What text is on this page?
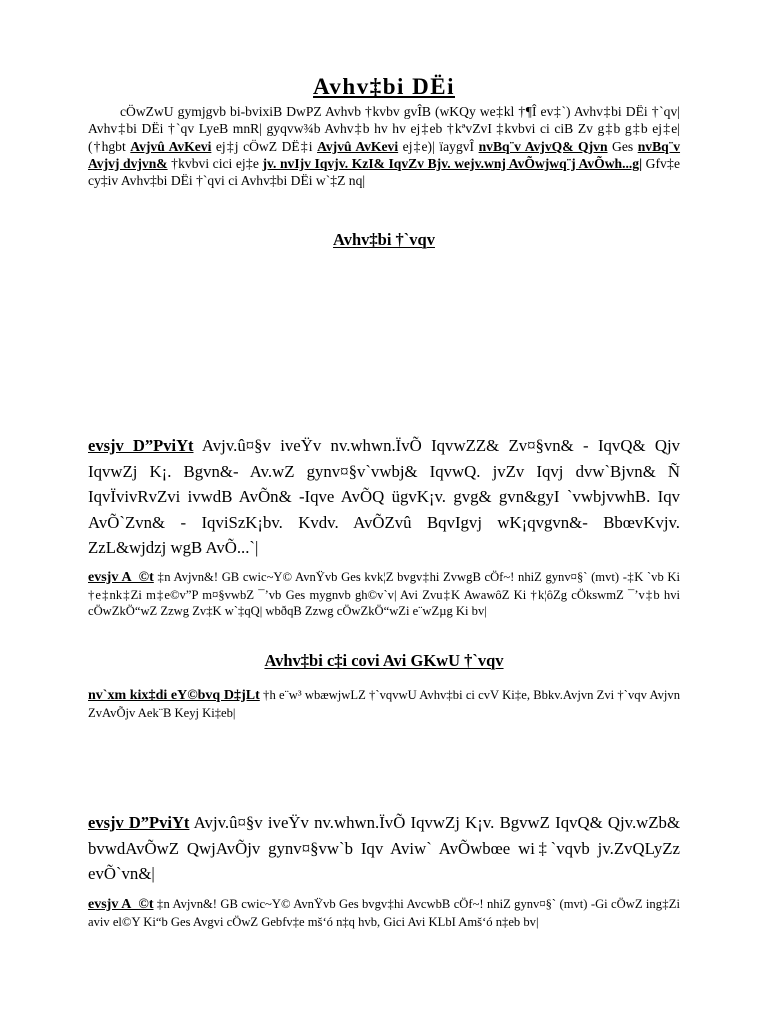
Avhv‡bi DËi

cÖwZwU gymjgvb bi-bvixiB DwPZ Avhvb †kvbv gvÎB (wKQy we‡kl †¶Î ev‡`) Avhv‡bi DËi †`qv| Avhv‡bi DËi †`qv LyeB mnR| gyqvw¾b Avhv‡b hv hv ej‡eb †kªvZvI ‡kvbvi ci ciB Zv g‡b g‡b ej‡e| (†hgbt Avjvû AvKevi ej‡j cÖwZ DË‡i Avjvû AvKevi ej‡e)| ïaygvÎ nvBq¨v AvjvQ& Qjvn Ges nvBq¨v Avjvj dvjvn& †kvbvi cici ej‡e jv. nvIjv Iqvjv. KzI& IqvZv Bjv. wejv.wnj AvÕwjwq¨j AvÕwh...g| Gfv‡e cy‡iv Avhv‡bi DËi †`qvi ci Avhv‡bi DËi w`‡Z nq|

Avhv‡bi †`vqv

evsjv D”PviYt Avjv.û¤§v iveŸv nv.whwn.ÏvÕ IqvwZZ& Zv¤§vn& - IqvQ& Qjv IqvwZj K¡. Bgvn&- Av.wZ gynv¤§v`vwbj& IqvwQ. jvZv Iqvj dvw`Bjvn& Ñ IqvÏvivRvZvi ivwdB AvÕn& -Iqve AvÕQ ügvK¡v. gvg& gvn&gyI `vwbjvwhB. Iqv AvÕ`Zvn& - IqviSzK¡bv. Kvdv. AvÕZvû BqvIgvj wK¡qvgvn&- BbœvKvjv. ZzL&wjdzj wgB AvÕ...`|

evsjv A_©t ‡n Avjvn&! GB cwic~Y© AvnŸvb Ges kvk¦Z bvgv‡hi ZvwgB cÖf~! nhiZ gynv¤§` (mvt) -‡K `vb Ki †e‡nk‡Zi m‡e©v”P m¤§vwbZ ¯’vb Ges mygnvb gh©v`v| Avi Zvu‡K AwawôZ Ki †k¦ôZg cÖkswmZ ¯’v‡b hvi cÖwZkÖ“wZ Zzwg Zv‡K w`‡qQ| wbðqB Zzwg cÖwZkÖ“wZi e¨wZµg Ki bv|

Avhv‡bi c‡i covi Avi GKwU †`vqv

nv`xm kix‡di eY©bvq D‡jLt †h e¨w³ wbæwjwLZ †`vqvwU Avhv‡bi ci cvV Ki‡e, Bbkv.Avjvn Zvi †`vqv Avjvn ZvAvÕjv Aek¨B Keyj Ki‡eb|

evsjv D”PviYt Avjv.û¤§v iveŸv nv.whwn.ÏvÕ IqvwZj K¡v. BgvwZ IqvQ& Qjv.wZb& bvwdAvÕwZ QwjAvÕjv gynv¤§vw`b Iqv Aviw` AvÕwbœe wi‡`vqvb jv.ZvQLyZz evÕ`vn&|

evsjv A_©t ‡n Avjvn&! GB cwic~Y© AvnŸvb Ges bvgv‡hi AvcwbB cÖf~! nhiZ gynv¤§` (mvt) -Gi cÖwZ ing‡Zi aviv el©Y Ki“b Ges Avgvi cÖwZ Gebfv‡e mš‘ó n‡q hvb, Gici Avi KLbI Amš‘ó n‡eb bv|
